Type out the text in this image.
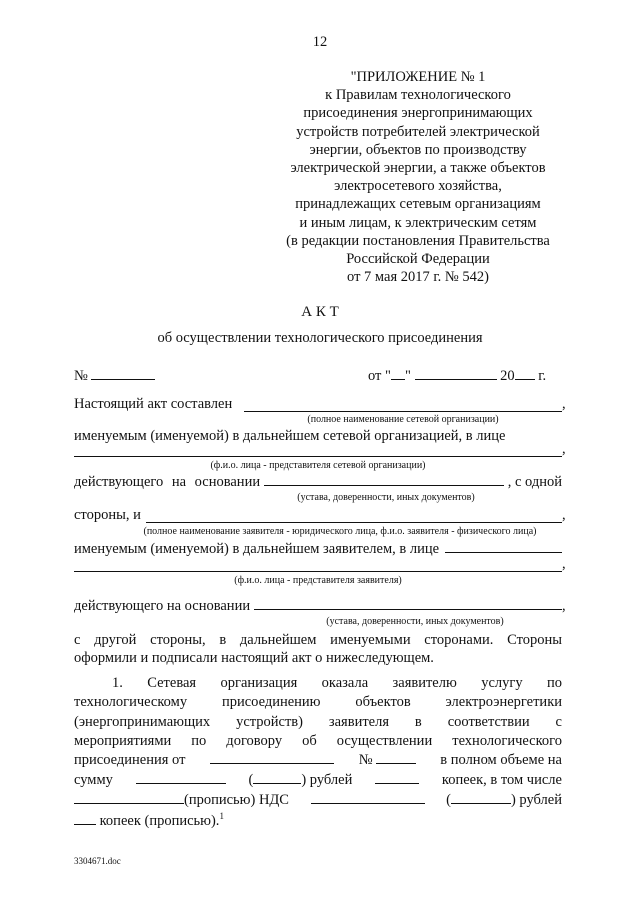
12
"ПРИЛОЖЕНИЕ № 1
к Правилам технологического
присоединения энергопринимающих
устройств потребителей электрической
энергии, объектов по производству
электрической энергии, а также объектов
электросетевого хозяйства,
принадлежащих сетевым организациям
и иным лицам, к электрическим сетям
(в редакции постановления Правительства
Российской Федерации
от 7 мая 2017 г. № 542)
А К Т
об осуществлении технологического присоединения
№	от " "	20 г.
Настоящий акт составлен	,
(полное наименование сетевой организации)
именуемым (именуемой) в дальнейшем сетевой организацией, в лице
,
(ф.и.о. лица - представителя сетевой организации)
действующего на основании	, с одной
(устава, доверенности, иных документов)
стороны, и	,
(полное наименование заявителя - юридического лица, ф.и.о. заявителя - физического лица)
именуемым (именуемой) в дальнейшем заявителем, в лице
,
(ф.и.о. лица - представителя заявителя)
действующего на основании	,
(устава, доверенности, иных документов)
с другой стороны, в дальнейшем именуемыми сторонами. Стороны
оформили и подписали настоящий акт о нижеследующем.
1. Сетевая организация оказала заявителю услугу по
технологическому присоединению объектов электроэнергетики
(энергопринимающих устройств) заявителя в соответствии с
мероприятиями по договору об осуществлении технологического
присоединения от	№	в полном объеме на
сумму	(	) рублей	копеек, в том числе
(прописью) НДС	(	) рублей
копеек (прописью).$^1$
3304671.doc
